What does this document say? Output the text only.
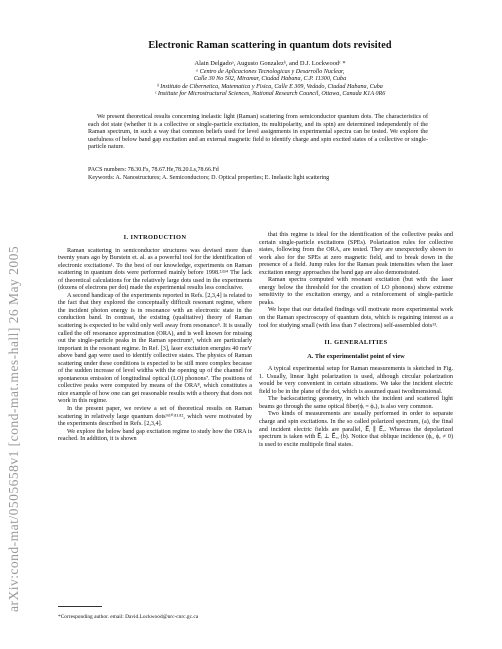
arXiv:cond-mat/0505658v1 [cond-mat.mes-hall] 26 May 2005
Electronic Raman scattering in quantum dots revisited
Alain Delgadoᵃ, Augusto Gonzalezᵇ, and D.J. Lockwoodᶜ *
ᵃ Centro de Aplicaciones Tecnologicas y Desarrollo Nuclear,
Calle 30 No 502, Miramar, Ciudad Habana, C.P. 11300, Cuba
ᵇ Instituto de Cibernetica, Matematica y Fisica, Calle E 309, Vedado, Ciudad Habana, Cuba
ᶜ Institute for Microstructural Sciences, National Research Council, Ottawa, Canada K1A 0R6

We present theoretical results concerning inelastic light (Raman) scattering from semiconductor quantum dots. The characteristics of each dot state (whether it is a collective or single-particle excitation, its multipolarity, and its spin) are determined independently of the Raman spectrum, in such a way that common beliefs used for level assignments in experimental spectra can be tested. We explore the usefulness of below band gap excitation and an external magnetic field to identify charge and spin excited states of a collective or single-particle nature.

PACS numbers: 78.30.Fs, 78.67.He,78.20.Ls,78.66.Fd
Keywords: A. Nanostructures; A. Semiconductors; D. Optical properties; E. Inelastic light scattering
I. INTRODUCTION

Raman scattering in semiconductor structures was devised more than twenty years ago by Burstein et. al. as a powerful tool for the identification of electronic excitations¹. To the best of our knowledge, experiments on Raman scattering in quantum dots were performed mainly before 1998.²ʴ³ʴ⁴ The lack of theoretical calculations for the relatively large dots used in the experiments (dozens of electrons per dot) made the experimental results less conclusive.

A second handicap of the experiments reported in Refs. [2,3,4] is related to the fact that they explored the conceptually difficult resonant regime, where the incident photon energy is in resonance with an electronic state in the conduction band. In contrast, the existing (qualitative) theory of Raman scattering is expected to be valid only well away from resonance⁵. It is usually called the off resonance approximation (ORA), and is well known for missing out the single-particle peaks in the Raman spectrum⁶, which are particularly important in the resonant regime. In Ref. [3], laser excitation energies 40 meV above band gap were used to identify collective states. The physics of Raman scattering under these conditions is expected to be still more complex because of the sudden increase of level widths with the opening up of the channel for spontaneous emission of longitudinal optical (LO) phonons⁷. The positions of collective peaks were computed by means of the ORA⁸, which constitutes a nice example of how one can get reasonable results with a theory that does not work in this regime.

In the present paper, we review a set of theoretical results on Raman scattering in relatively large quantum dots⁹ʴ¹⁰ʴ¹¹ʴ¹², which were motivated by the experiments described in Refs. [2,3,4].

We explore the below band gap excitation regime to study how the ORA is reached. In addition, it is shown

that this regime is ideal for the identification of the collective peaks and certain single-particle excitations (SPEs). Polarization rules for collective states, following from the ORA, are tested. They are unexpectedly shown to work also for the SPEs at zero magnetic field, and to break down in the presence of a field. Jump rules for the Raman peak intensities when the laser excitation energy approaches the band gap are also demonstrated.

Raman spectra computed with resonant excitation (but with the laser energy below the threshold for the creation of LO phonons) show extreme sensitivity to the excitation energy, and a reinforcement of single-particle peaks.

We hope that our detailed findings will motivate more experimental work on the Raman spectroscopy of quantum dots, which is regaining interest as a tool for studying small (with less than 7 electrons) self-assembled dots¹³.

II. GENERALITIES
A. The experimentalist point of view

A typical experimental setup for Raman measurements is sketched in Fig. 1. Usually, linear light polarization is used, although circular polarization would be very convenient in certain situations. We take the incident electric field to be in the plane of the dot, which is assumed quasi twodimensional.

The backscattering geometry, in which the incident and scattered light beams go through the same optical fiber(ϕᵢ = ϕᵥ), is also very common.

Two kinds of measurements are usually performed in order to separate charge and spin excitations. In the so called polarized spectrum, (a), the final and incident electric fields are parallel, E⃗ᵢ ∥ E⃗ᵥ. Whereas the depolarized spectrum is taken with E⃗ᵢ ⊥ E⃗ᵥ, (b). Notice that oblique incidence (ϕᵢ, ϕᵥ ≠ 0) is used to excite multipole final states.

*Corresponding author. email: David.Lockwood@nrc-cnrc.gc.ca
